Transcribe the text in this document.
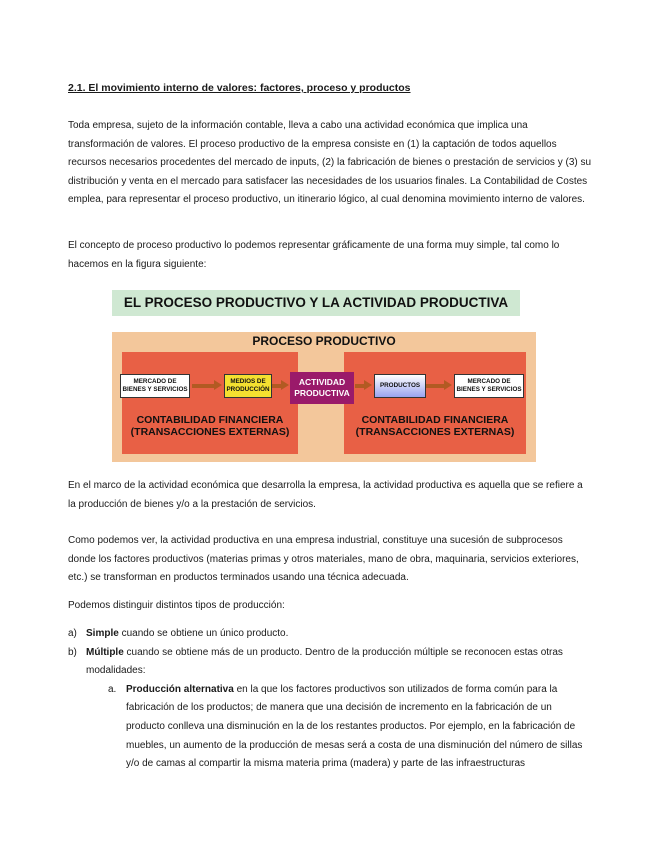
2.1. El movimiento interno de valores: factores, proceso y productos

Toda empresa, sujeto de la información contable, lleva a cabo una actividad económica que implica una transformación de valores. El proceso productivo de la empresa consiste en (1) la captación de todos aquellos recursos necesarios procedentes del mercado de inputs, (2) la fabricación de bienes o prestación de servicios y (3) su distribución y venta en el mercado para satisfacer las necesidades de los usuarios finales. La Contabilidad de Costes emplea, para representar el proceso productivo, un itinerario lógico, al cual denomina movimiento interno de valores.

El concepto de proceso productivo lo podemos representar gráficamente de una forma muy simple, tal como lo hacemos en la figura siguiente:

En el marco de la actividad económica que desarrolla la empresa, la actividad productiva es aquella que se refiere a la producción de bienes y/o a la prestación de servicios.

Como podemos ver, la actividad productiva en una empresa industrial, constituye una sucesión de subprocesos donde los factores productivos (materias primas y otros materiales, mano de obra, maquinaria, servicios exteriores, etc.) se transforman en productos terminados usando una técnica adecuada.

Podemos distinguir distintos tipos de producción:

a) Simple cuando se obtiene un único producto.
b) Múltiple cuando se obtiene más de un producto. Dentro de la producción múltiple se reconocen estas otras modalidades:
a. Producción alternativa en la que los factores productivos son utilizados de forma común para la fabricación de los productos; de manera que una decisión de incremento en la fabricación de un producto conlleva una disminución en la de los restantes productos. Por ejemplo, en la fabricación de muebles, un aumento de la producción de mesas será a costa de una disminución del número de sillas y/o de camas al compartir la misma materia prima (madera) y parte de las infraestructuras
EL PROCESO PRODUCTIVO Y LA ACTIVIDAD PRODUCTIVA
PROCESO PRODUCTIVO
CONTABILIDAD FINANCIERA
(TRANSACCIONES EXTERNAS)
CONTABILIDAD FINANCIERA
(TRANSACCIONES EXTERNAS)
MERCADO DE BIENES Y SERVICIOS
MEDIOS DE PRODUCCIÓN
ACTIVIDAD PRODUCTIVA
PRODUCTOS
MERCADO DE BIENES Y SERVICIOS
